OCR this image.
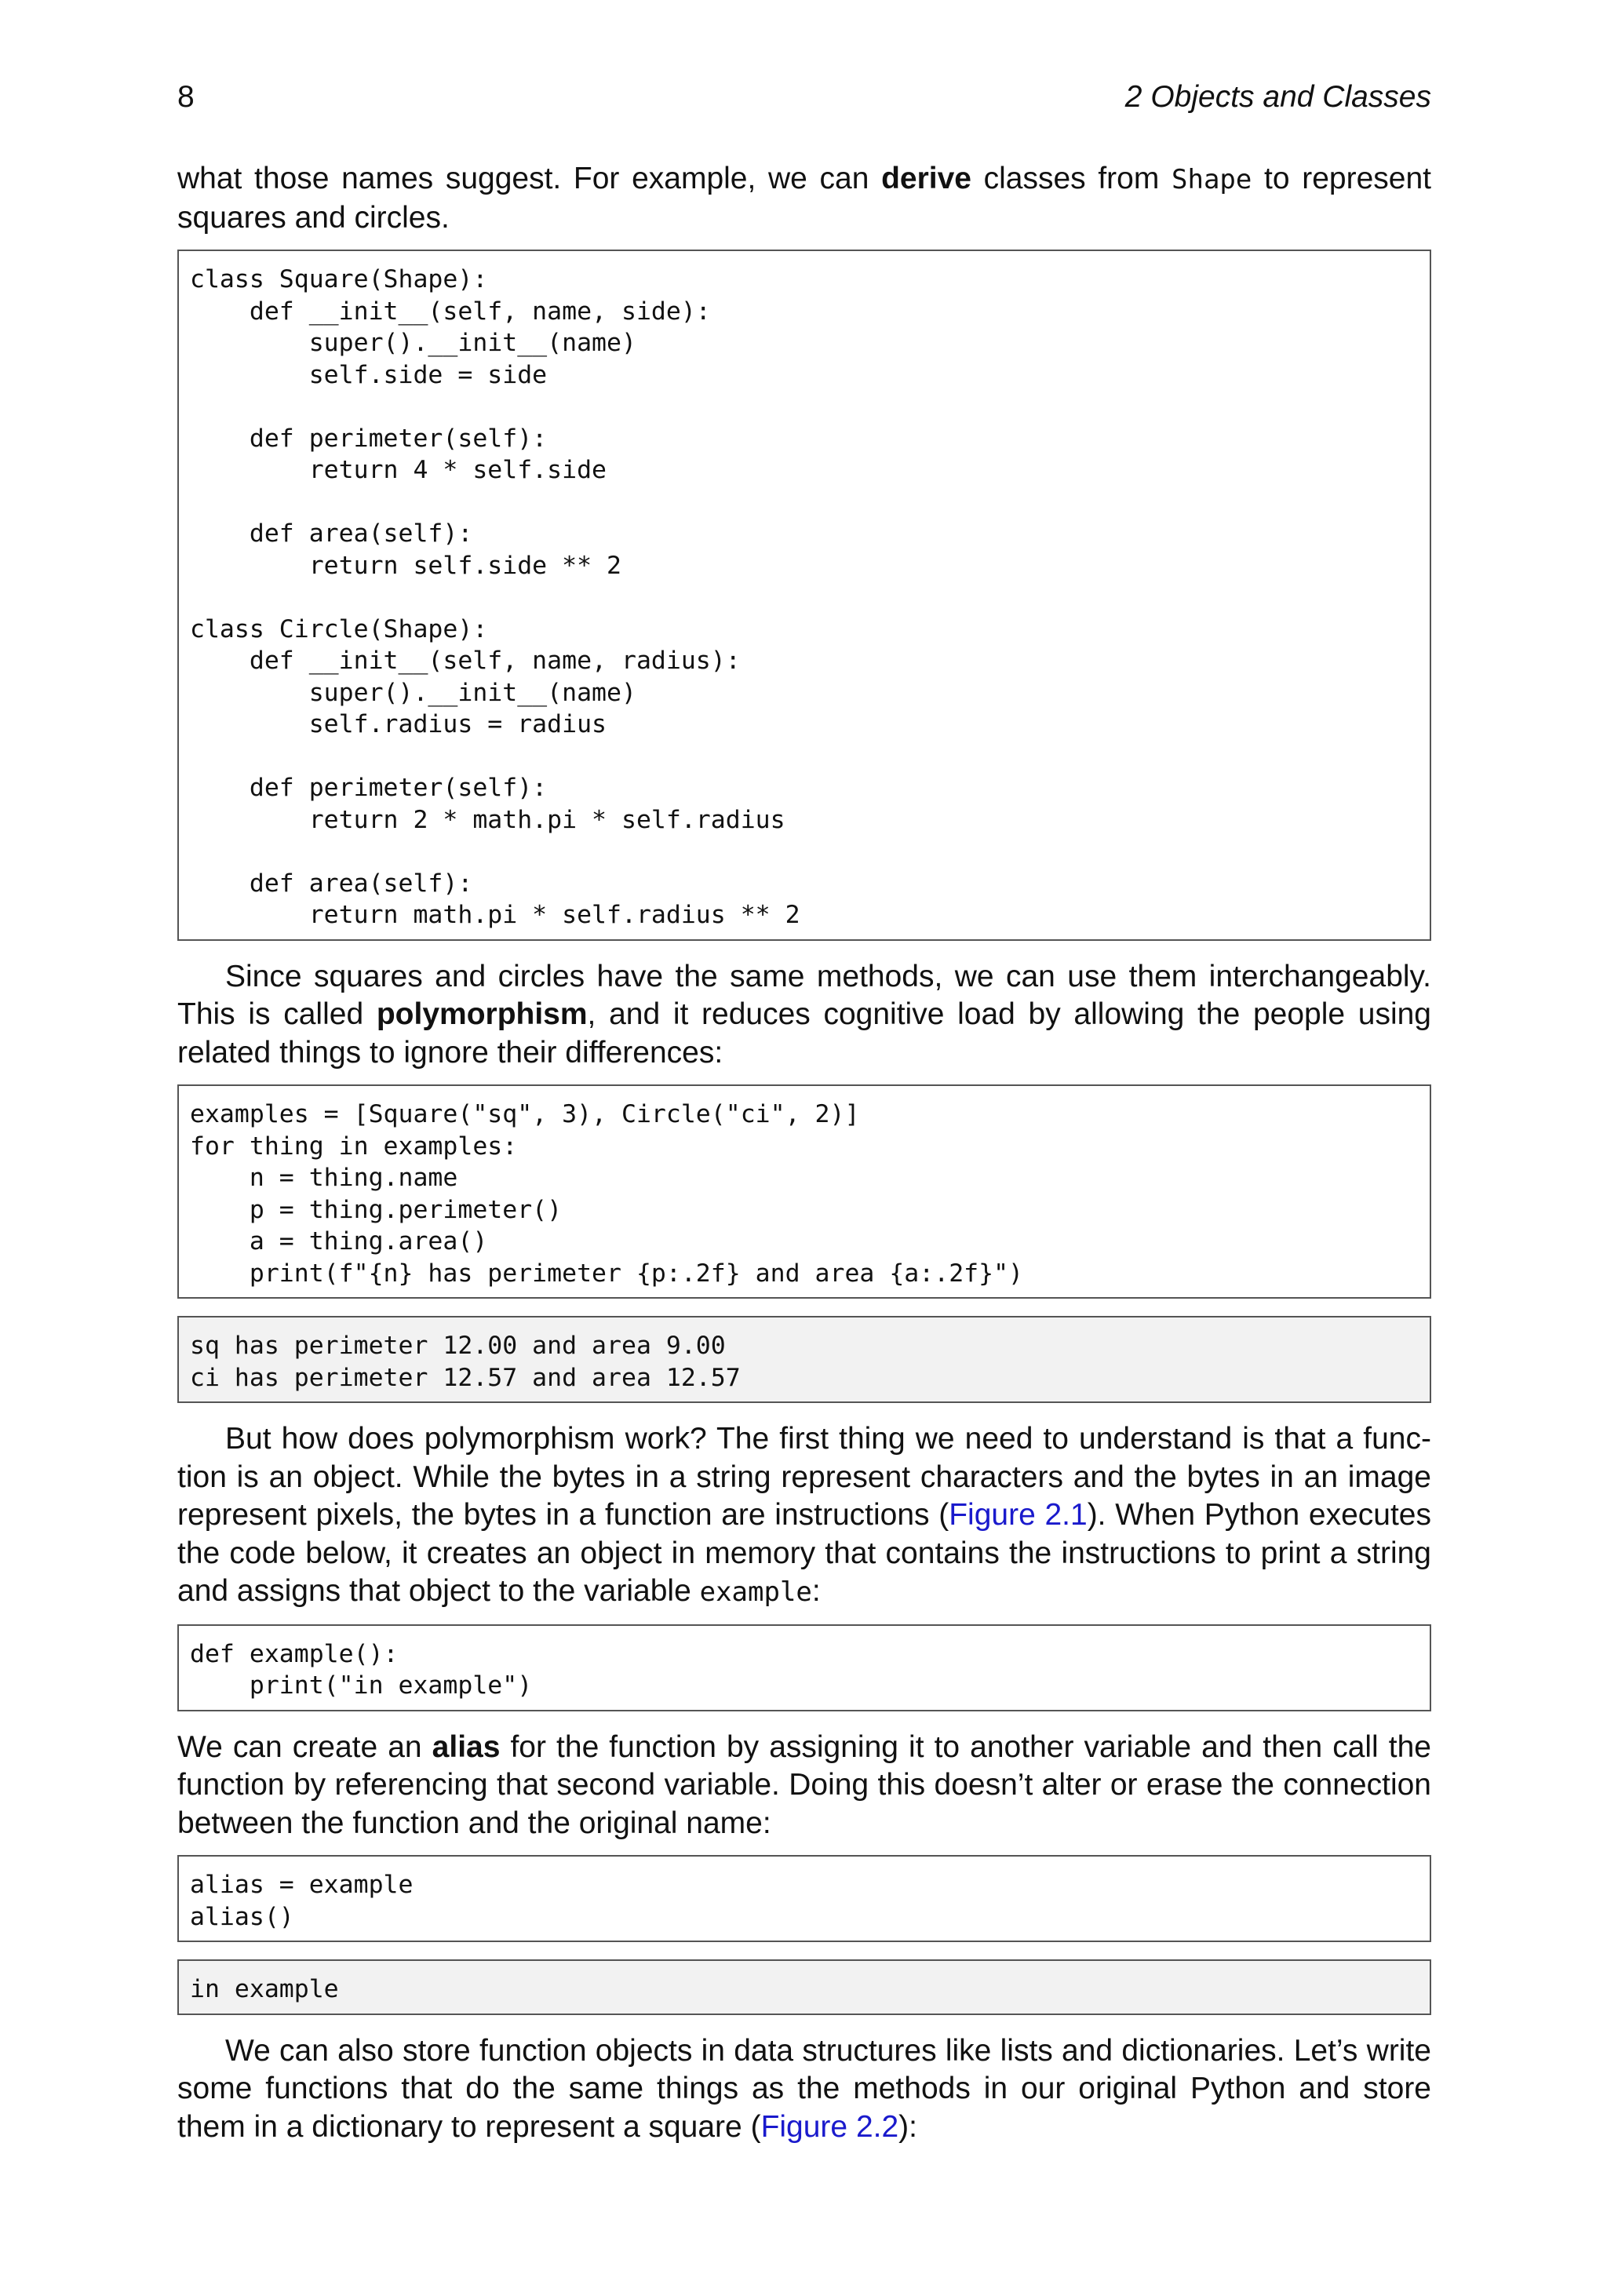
8	2 Objects and Classes

what those names suggest. For example, we can derive classes from Shape to represent squares and circles.

class Square(Shape):
def __init__(self, name, side):
super().__init__(name)
self.side = side

def perimeter(self):
return 4 * self.side

def area(self):
return self.side ** 2

class Circle(Shape):
def __init__(self, name, radius):
super().__init__(name)
self.radius = radius

def perimeter(self):
return 2 * math.pi * self.radius

def area(self):
return math.pi * self.radius ** 2

Since squares and circles have the same methods, we can use them interchangeably. This is called polymorphism, and it reduces cognitive load by allowing the people using related things to ignore their differences:

examples = [Square("sq", 3), Circle("ci", 2)]
for thing in examples:
n = thing.name
p = thing.perimeter()
a = thing.area()
print(f"{n} has perimeter {p:.2f} and area {a:.2f}")
sq has perimeter 12.00 and area 9.00
ci has perimeter 12.57 and area 12.57

But how does polymorphism work? The first thing we need to understand is that a function is an object. While the bytes in a string represent characters and the bytes in an image represent pixels, the bytes in a function are instructions (Figure 2.1). When Python executes the code below, it creates an object in memory that contains the instructions to print a string and assigns that object to the variable example:

def example():
print("in example")

We can create an alias for the function by assigning it to another variable and then call the function by referencing that second variable. Doing this doesn’t alter or erase the connection between the function and the original name:

alias = example
alias()
in example

We can also store function objects in data structures like lists and dictionaries. Let’s write some functions that do the same things as the methods in our original Python and store them in a dictionary to represent a square (Figure 2.2):
